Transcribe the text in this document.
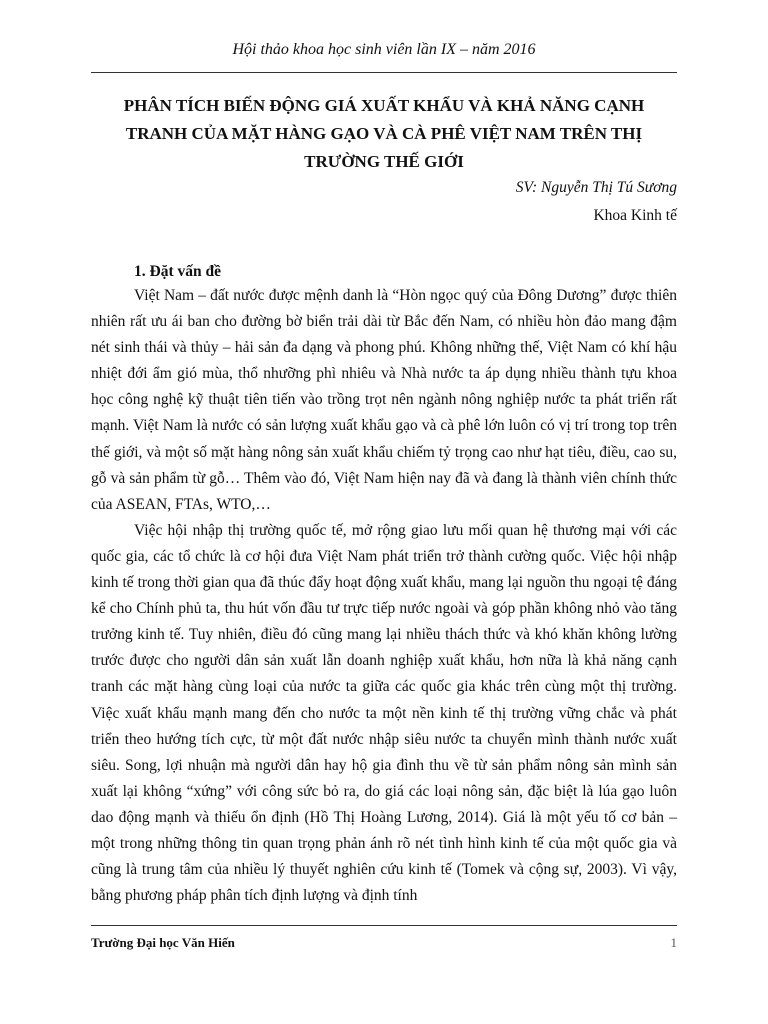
Hội thảo khoa học sinh viên lần IX – năm 2016
PHÂN TÍCH BIẾN ĐỘNG GIÁ XUẤT KHẨU VÀ KHẢ NĂNG CẠNH
TRANH CỦA MẶT HÀNG GẠO VÀ CÀ PHÊ VIỆT NAM TRÊN THỊ
TRƯỜNG THẾ GIỚI
SV: Nguyễn Thị Tú Sương
Khoa Kinh tế
1. Đặt vấn đề

Việt Nam – đất nước được mệnh danh là “Hòn ngọc quý của Đông Dương” được thiên nhiên rất ưu ái ban cho đường bờ biển trải dài từ Bắc đến Nam, có nhiều hòn đảo mang đậm nét sinh thái và thủy – hải sản đa dạng và phong phú. Không những thế, Việt Nam có khí hậu nhiệt đới ẩm gió mùa, thổ nhưỡng phì nhiêu và Nhà nước ta áp dụng nhiều thành tựu khoa học công nghệ kỹ thuật tiên tiến vào trồng trọt nên ngành nông nghiệp nước ta phát triển rất mạnh. Việt Nam là nước có sản lượng xuất khẩu gạo và cà phê lớn luôn có vị trí trong top trên thế giới, và một số mặt hàng nông sản xuất khẩu chiếm tỷ trọng cao như hạt tiêu, điều, cao su, gỗ và sản phẩm từ gỗ… Thêm vào đó, Việt Nam hiện nay đã và đang là thành viên chính thức của ASEAN, FTAs, WTO,…

Việc hội nhập thị trường quốc tế, mở rộng giao lưu mối quan hệ thương mại với các quốc gia, các tổ chức là cơ hội đưa Việt Nam phát triển trở thành cường quốc. Việc hội nhập kinh tế trong thời gian qua đã thúc đẩy hoạt động xuất khẩu, mang lại nguồn thu ngoại tệ đáng kể cho Chính phủ ta, thu hút vốn đầu tư trực tiếp nước ngoài và góp phần không nhỏ vào tăng trưởng kinh tế. Tuy nhiên, điều đó cũng mang lại nhiều thách thức và khó khăn không lường trước được cho người dân sản xuất lẫn doanh nghiệp xuất khẩu, hơn nữa là khả năng cạnh tranh các mặt hàng cùng loại của nước ta giữa các quốc gia khác trên cùng một thị trường. Việc xuất khẩu mạnh mang đến cho nước ta một nền kinh tế thị trường vững chắc và phát triển theo hướng tích cực, từ một đất nước nhập siêu nước ta chuyển mình thành nước xuất siêu. Song, lợi nhuận mà người dân hay hộ gia đình thu về từ sản phẩm nông sản mình sản xuất lại không “xứng” với công sức bỏ ra, do giá các loại nông sản, đặc biệt là lúa gạo luôn dao động mạnh và thiếu ổn định (Hồ Thị Hoàng Lương, 2014). Giá là một yếu tố cơ bản – một trong những thông tin quan trọng phản ánh rõ nét tình hình kinh tế của một quốc gia và cũng là trung tâm của nhiều lý thuyết nghiên cứu kinh tế (Tomek và cộng sự, 2003). Vì vậy, bằng phương pháp phân tích định lượng và định tính

Trường Đại học Văn Hiến	1
